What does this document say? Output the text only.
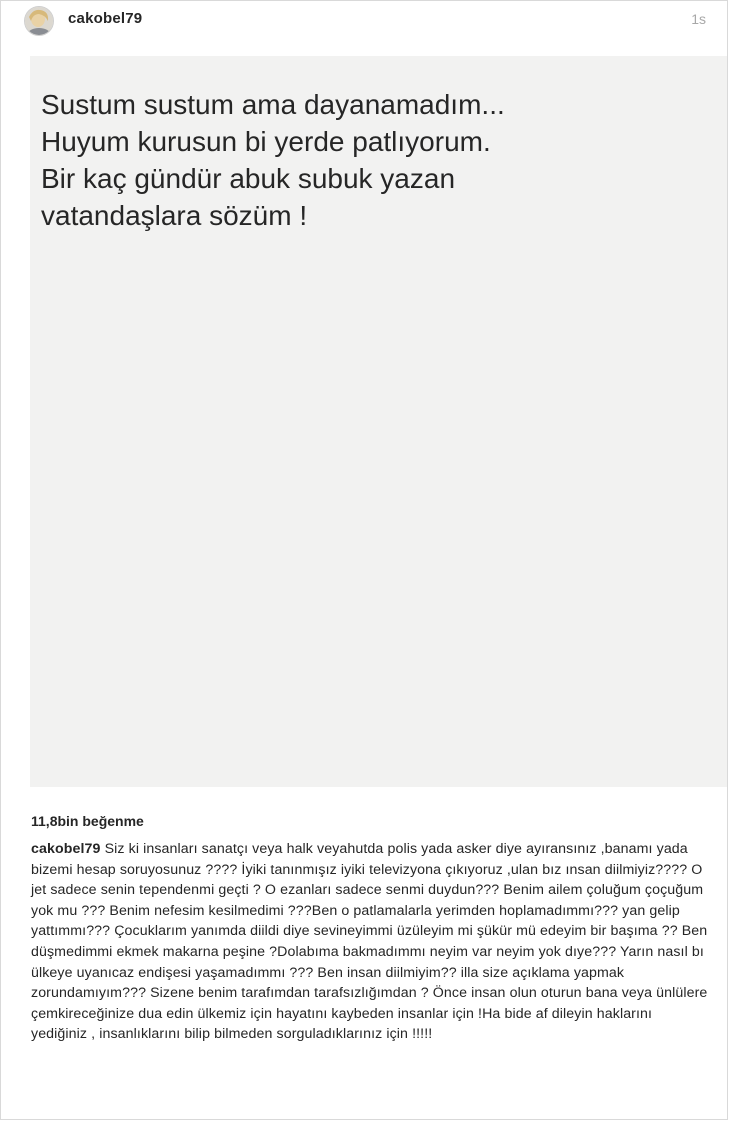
cakobel79	1s
Sustum sustum ama dayanamadım...
Huyum kurusun bi yerde patlıyorum.
Bir kaç gündür abuk subuk yazan
vatandaşlara sözüm !
11,8bin beğenme
cakobel79 Siz ki insanları sanatçı veya halk veyahutda polis yada asker diye ayıransınız ,banamı yada bizemi hesap soruyosunuz ???? İyiki tanınmışız iyiki televizyona çıkıyoruz ,ulan bız ınsan diilmiyiz???? O jet sadece senin tependenmi geçti ? O ezanları sadece senmi duydun??? Benim ailem çoluğum çoçuğum yok mu ??? Benim nefesim kesilmedimi ???Ben o patlamalarla yerimden hoplamadımmı??? yan gelip yattımmı??? Çocuklarım yanımda diildi diye sevineyimmi üzüleyim mi şükür mü edeyim bir başıma ?? Ben düşmedimmi ekmek makarna peşine ?Dolabıma bakmadımmı neyim var neyim yok dıye??? Yarın nasıl bı ülkeye uyanıcaz endişesi yaşamadımmı ??? Ben insan diilmiyim?? illa size açıklama yapmak zorundamıyım??? Sizene benim tarafımdan tarafsızlığımdan ? Önce insan olun oturun bana veya ünlülere çemkireceğinize dua edin ülkemiz için hayatını kaybeden insanlar için !Ha bide af dileyin haklarını yediğiniz , insanlıklarını bilip bilmeden sorguladıklarınız için !!!!!
